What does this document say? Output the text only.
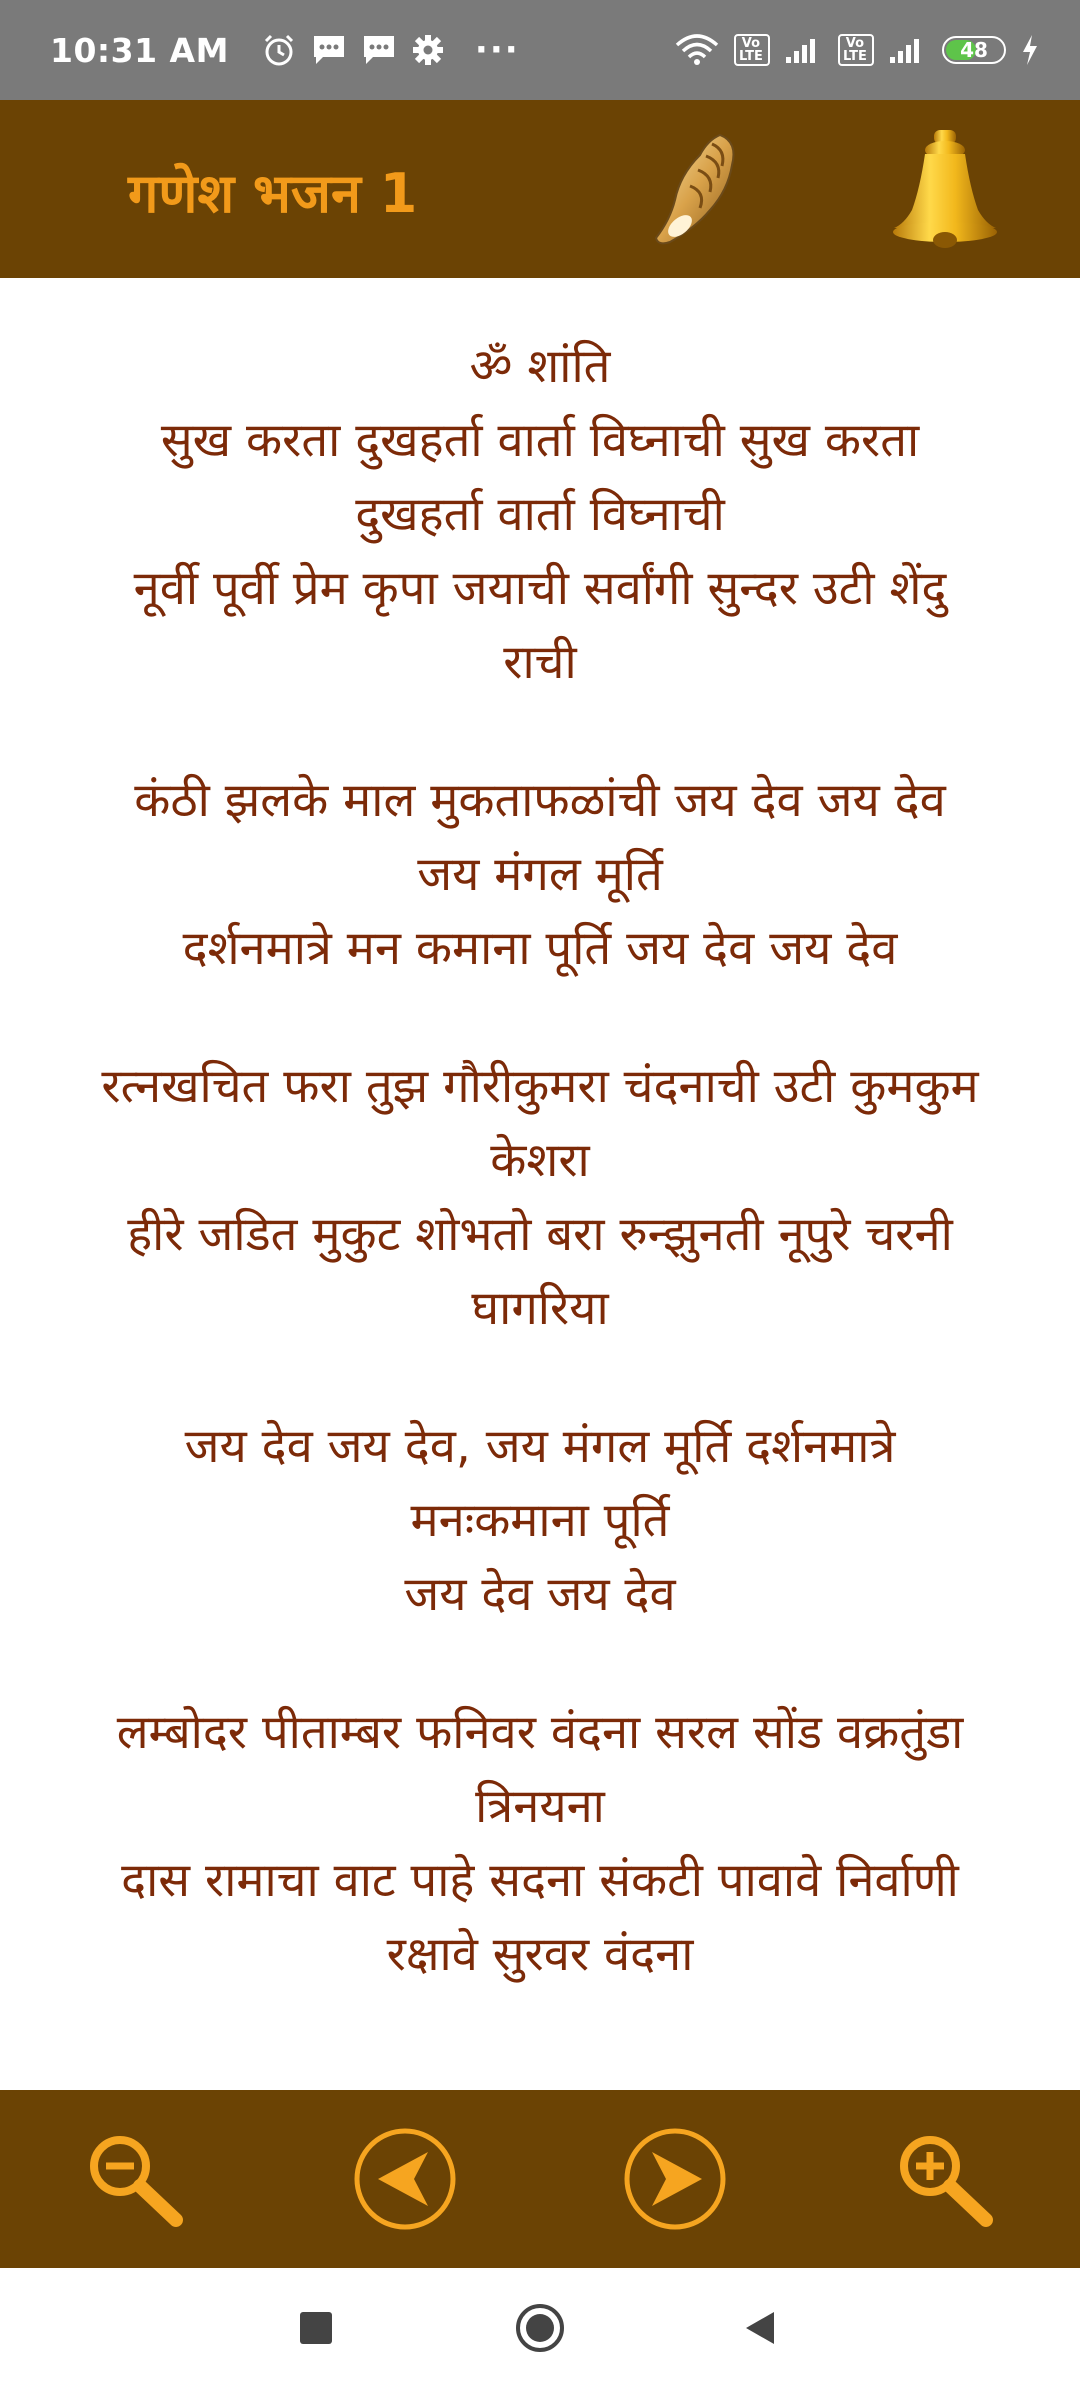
10:31 AM	···	Vo
LTE
Vo
LTE	48
गणेश भजन 1

ॐ शांति

सुख करता दुखहर्ता वार्ता विघ्नाची सुख करता

दुखहर्ता वार्ता विघ्नाची

नूर्वी पूर्वी प्रेम कृपा जयाची सर्वांगी सुन्दर उटी शेंदु

राची

कंठी झलके माल मुकताफळांची जय देव जय देव

जय मंगल मूर्ति

दर्शनमात्रे मन कमाना पूर्ति जय देव जय देव

रत्नखचित फरा तुझ गौरीकुमरा चंदनाची उटी कुमकुम

केशरा

हीरे जडित मुकुट शोभतो बरा रुन्झुनती नूपुरे चरनी

घागरिया

जय देव जय देव, जय मंगल मूर्ति दर्शनमात्रे

मनःकमाना पूर्ति

जय देव जय देव

लम्बोदर पीताम्बर फनिवर वंदना सरल सोंड वक्रतुंडा

त्रिनयना

दास रामाचा वाट पाहे सदना संकटी पावावे निर्वाणी

रक्षावे सुरवर वंदना
